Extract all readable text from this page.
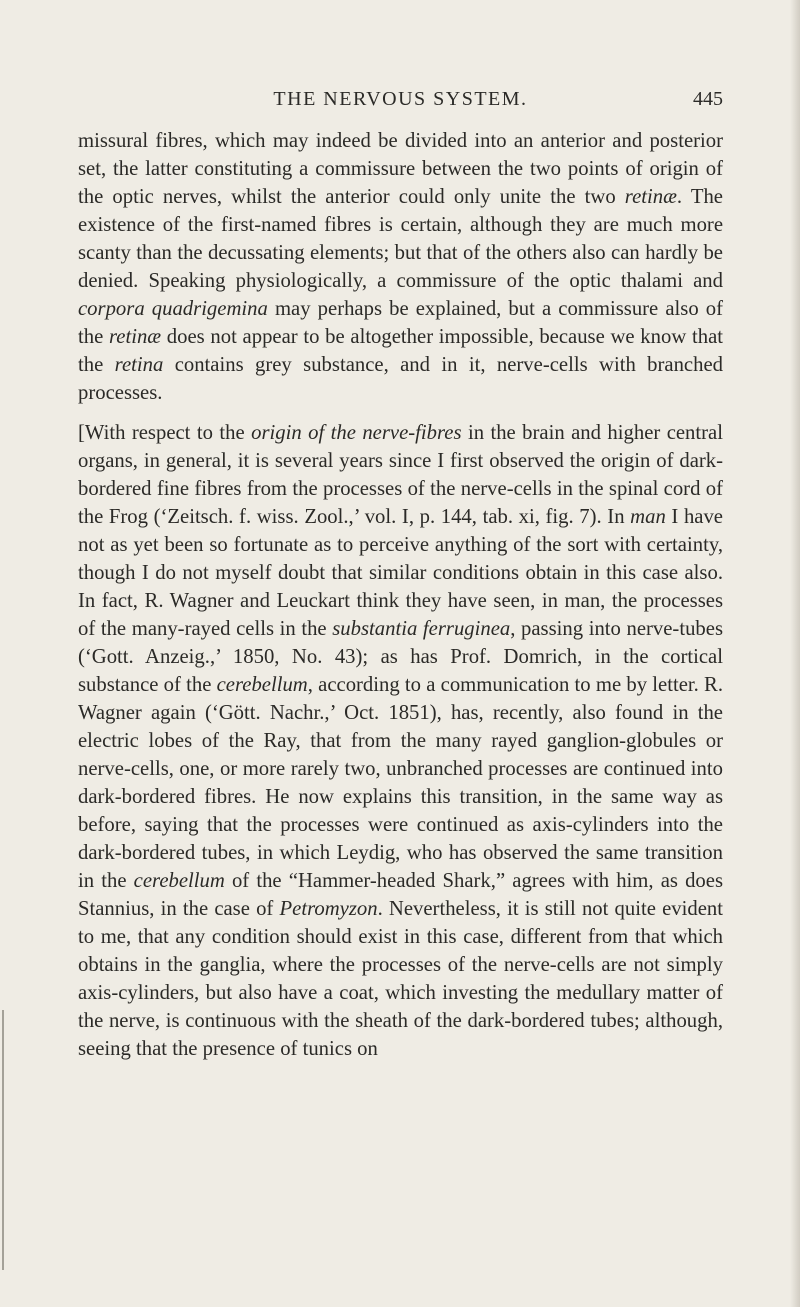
THE NERVOUS SYSTEM.	445

missural fibres, which may indeed be divided into an anterior and posterior set, the latter constituting a commissure between the two points of origin of the optic nerves, whilst the anterior could only unite the two retinæ. The existence of the first-named fibres is certain, although they are much more scanty than the decussating elements; but that of the others also can hardly be denied. Speaking physiologically, a commissure of the optic thalami and corpora quadrigemina may perhaps be explained, but a commissure also of the retinæ does not appear to be altogether impossible, because we know that the retina contains grey substance, and in it, nerve-cells with branched processes.

[With respect to the origin of the nerve-fibres in the brain and higher central organs, in general, it is several years since I first observed the origin of dark-bordered fine fibres from the processes of the nerve-cells in the spinal cord of the Frog (‘Zeitsch. f. wiss. Zool.,’ vol. I, p. 144, tab. xi, fig. 7). In man I have not as yet been so fortunate as to perceive anything of the sort with certainty, though I do not myself doubt that similar conditions obtain in this case also. In fact, R. Wagner and Leuckart think they have seen, in man, the processes of the many-rayed cells in the substantia ferruginea, passing into nerve-tubes (‘Gott. Anzeig.,’ 1850, No. 43); as has Prof. Domrich, in the cortical substance of the cerebellum, according to a communication to me by letter. R. Wagner again (‘Gött. Nachr.,’ Oct. 1851), has, recently, also found in the electric lobes of the Ray, that from the many rayed ganglion-globules or nerve-cells, one, or more rarely two, unbranched processes are continued into dark-bordered fibres. He now explains this transition, in the same way as before, saying that the processes were continued as axis-cylinders into the dark-bordered tubes, in which Leydig, who has observed the same transition in the cerebellum of the “Hammer-headed Shark,” agrees with him, as does Stannius, in the case of Petromyzon. Nevertheless, it is still not quite evident to me, that any condition should exist in this case, different from that which obtains in the ganglia, where the processes of the nerve-cells are not simply axis-cylinders, but also have a coat, which investing the medullary matter of the nerve, is continuous with the sheath of the dark-bordered tubes; although, seeing that the presence of tunics on
